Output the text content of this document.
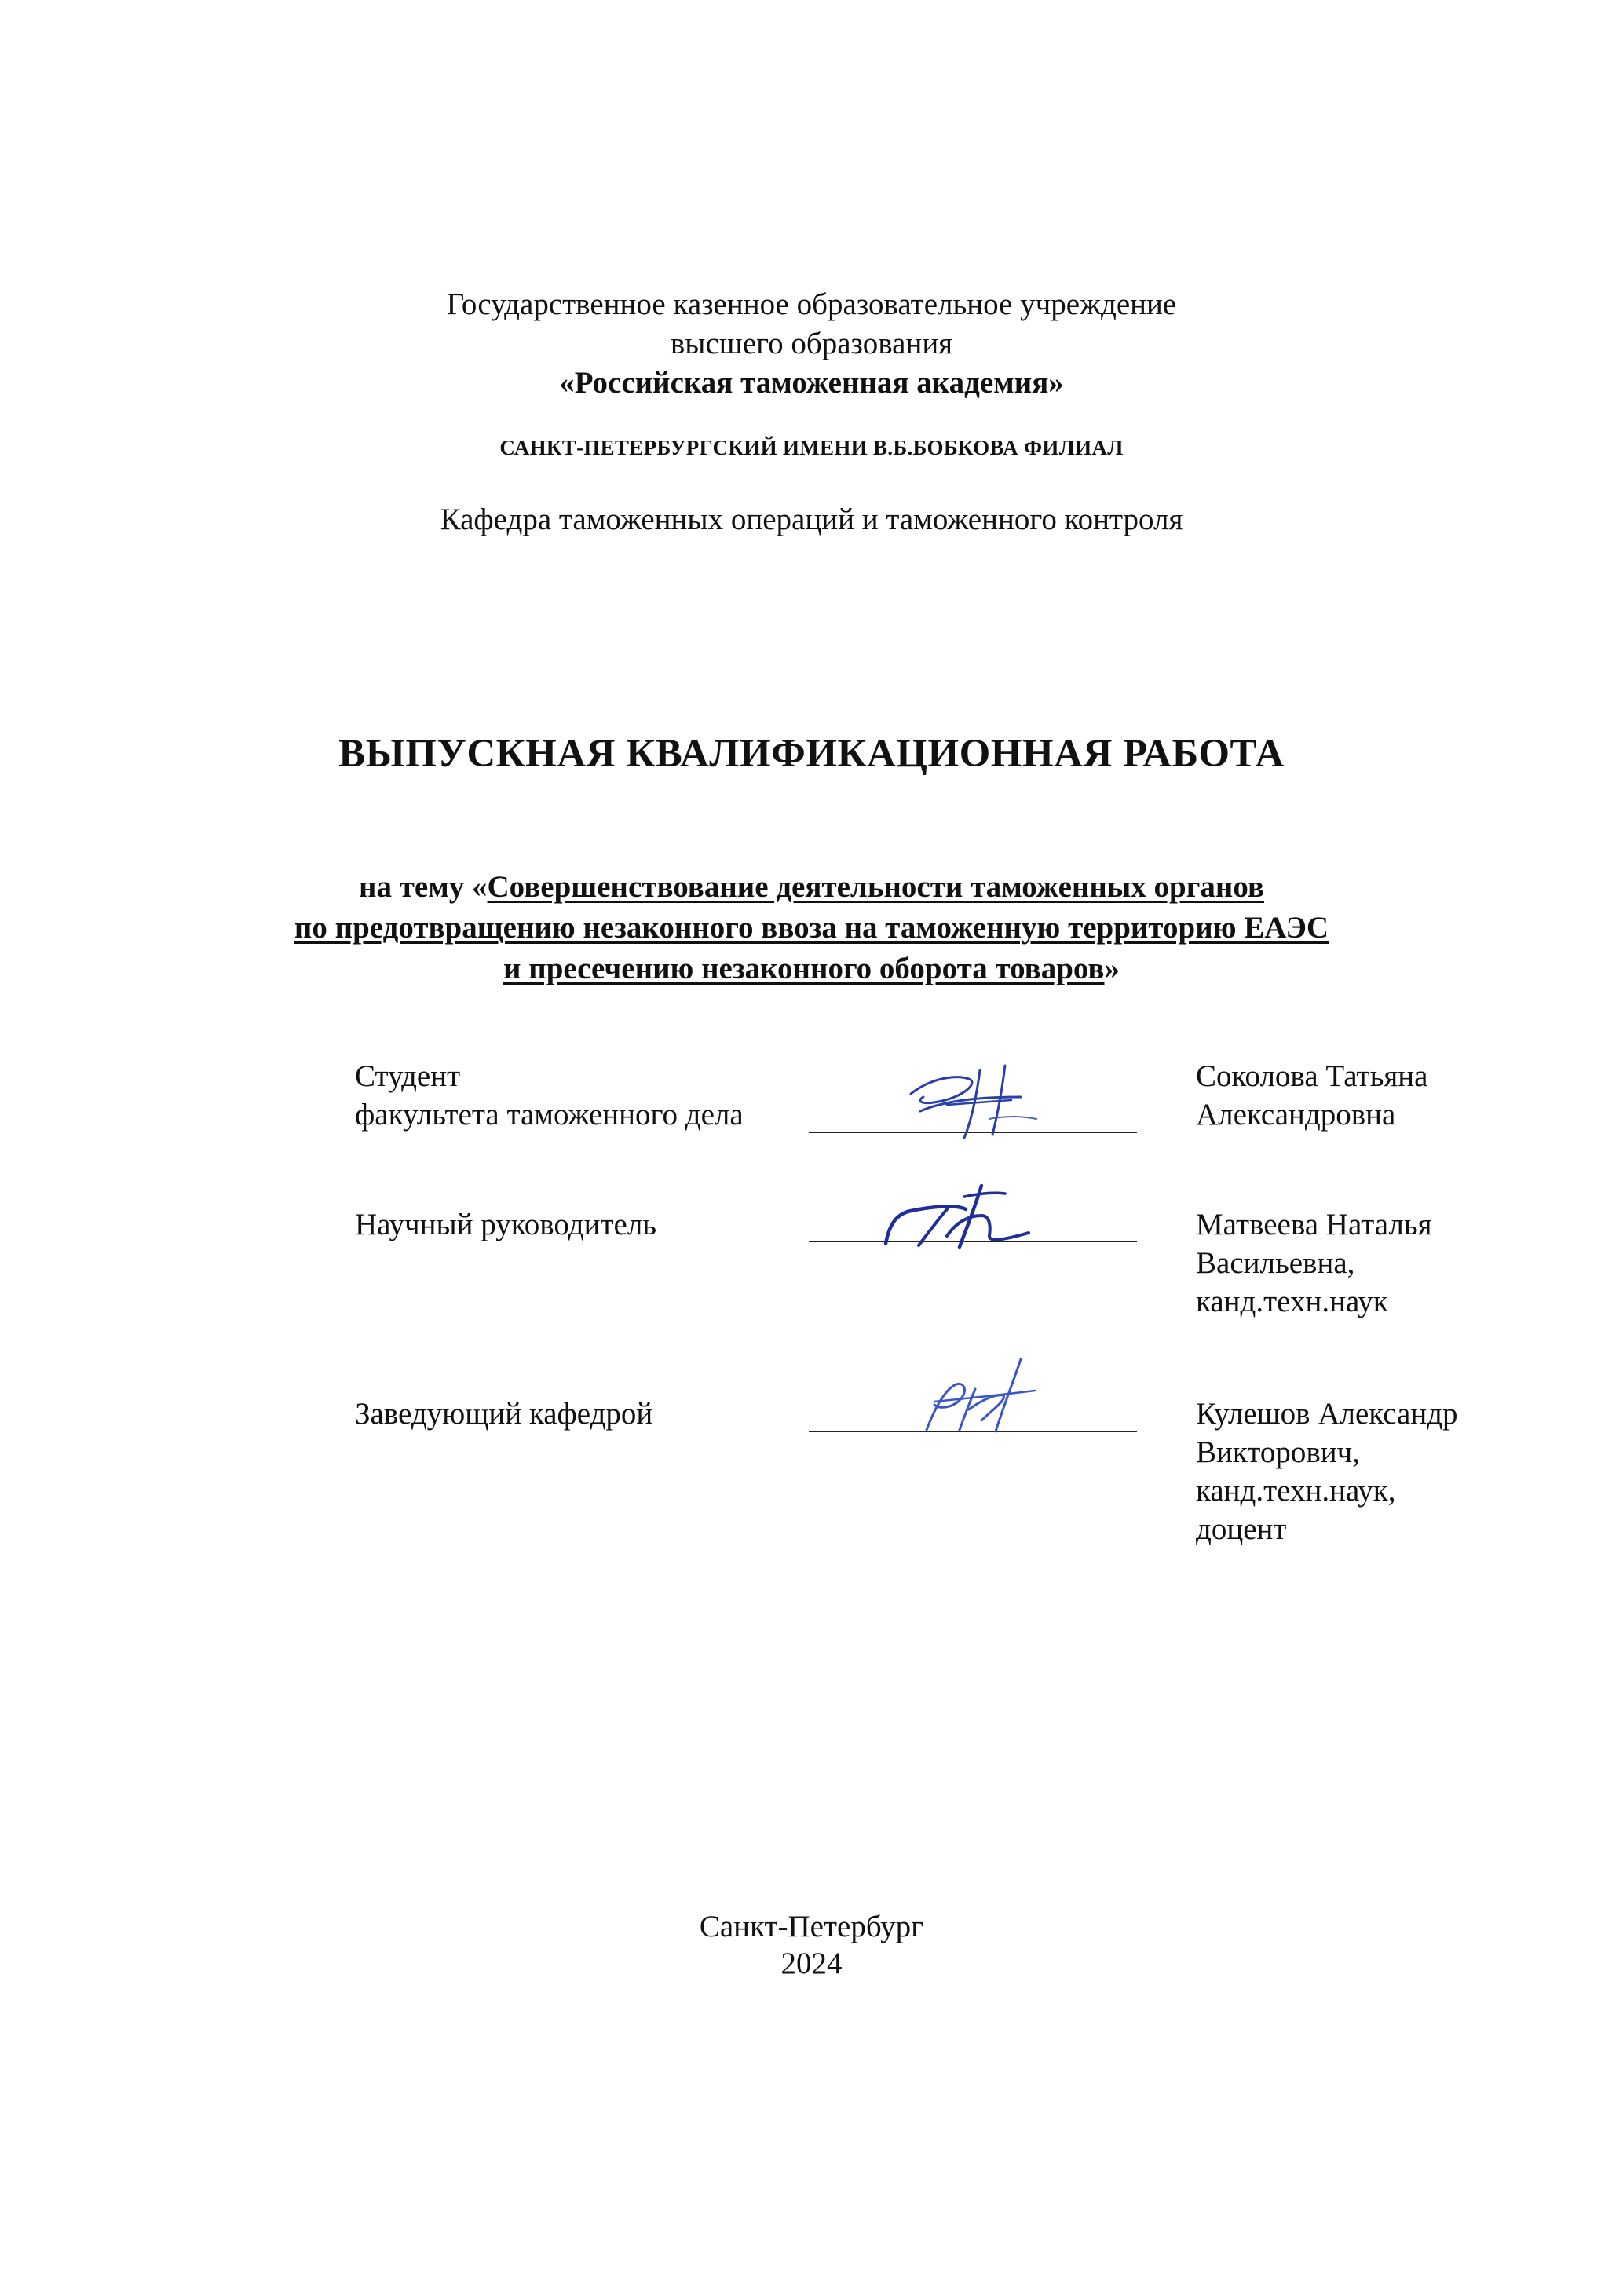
Государственное казенное образовательное учреждение
высшего образования
«Российская таможенная академия»
САНКТ-ПЕТЕРБУРГСКИЙ ИМЕНИ В.Б.БОБКОВА ФИЛИАЛ
Кафедра таможенных операций и таможенного контроля
ВЫПУСКНАЯ КВАЛИФИКАЦИОННАЯ РАБОТА
на тему «Совершенствование деятельности таможенных органов
по предотвращению незаконного ввоза на таможенную территорию ЕАЭС
и пресечению незаконного оборота товаров»
Студент
факультета таможенного дела
Соколова Татьяна
Александровна
Научный руководитель	Матвеева Наталья
Васильевна,
канд.техн.наук
Заведующий кафедрой	Кулешов Александр
Викторович,
канд.техн.наук,
доцент
Санкт-Петербург
2024
